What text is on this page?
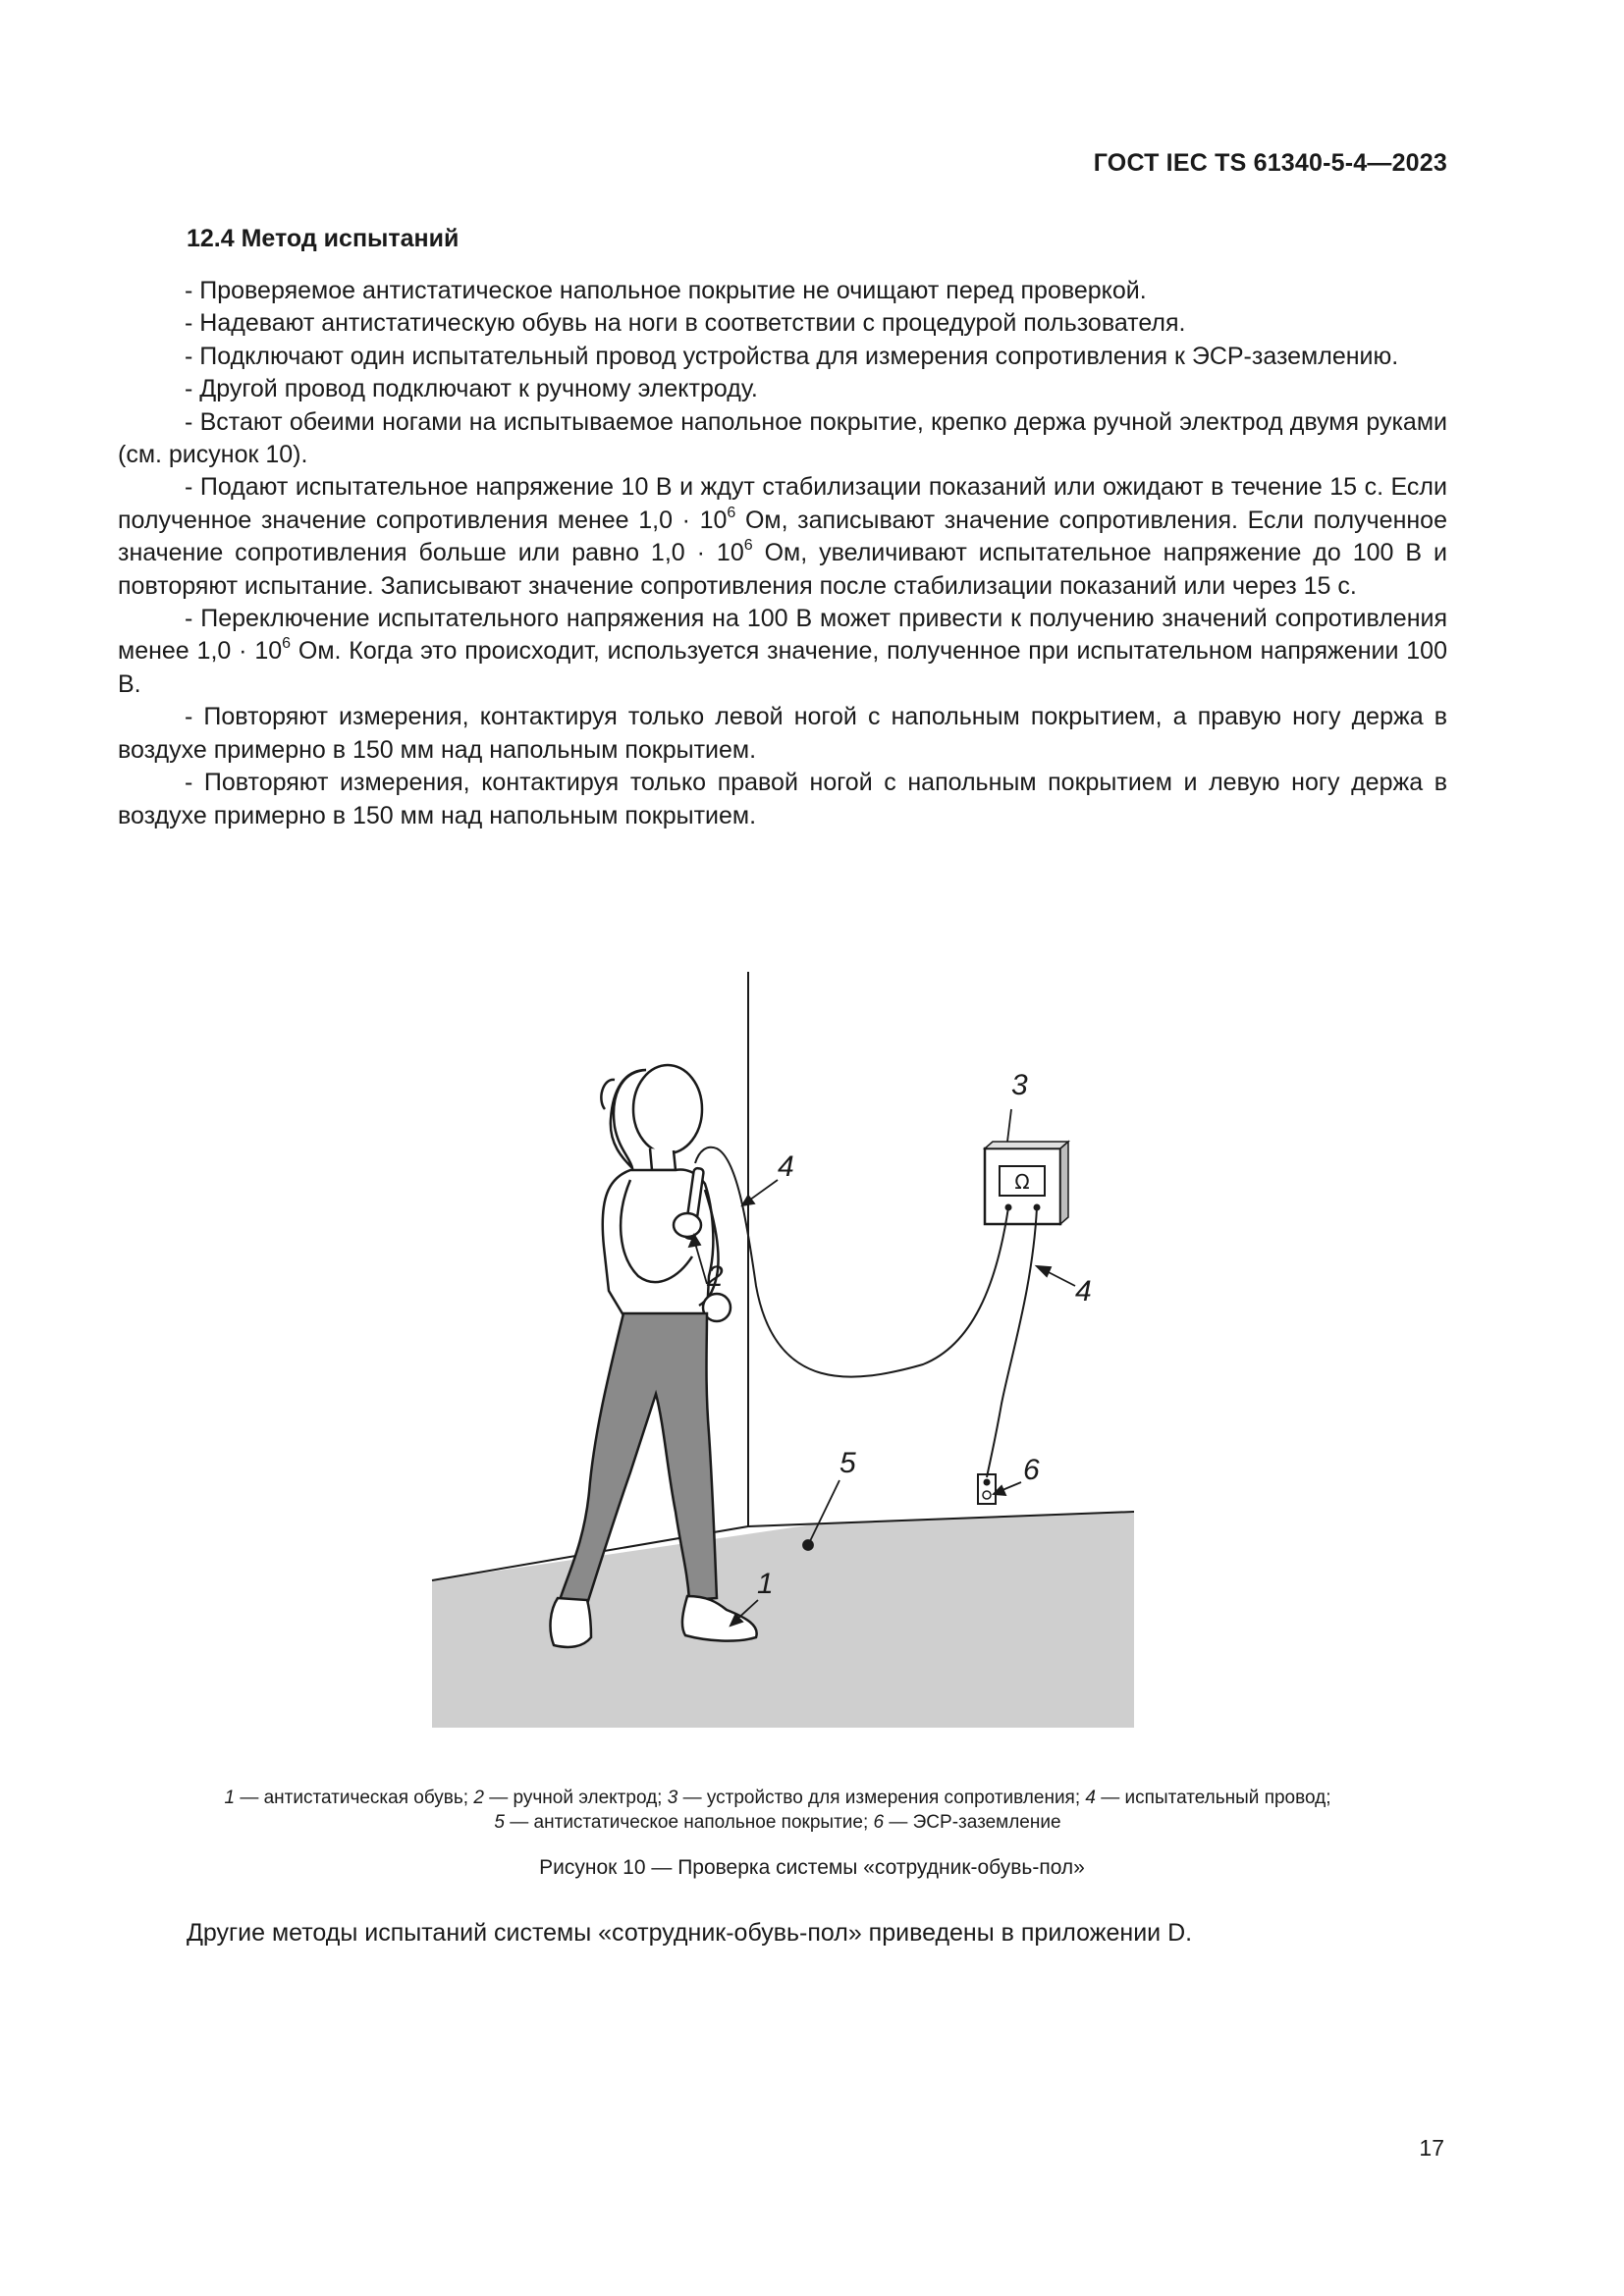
ГОСТ IEC TS 61340-5-4—2023
12.4 Метод испытаний

- Проверяемое антистатическое напольное покрытие не очищают перед проверкой.

- Надевают антистатическую обувь на ноги в соответствии с процедурой пользователя.

- Подключают один испытательный провод устройства для измерения сопротивления к ЭСР-заземлению.

- Другой провод подключают к ручному электроду.

- Встают обеими ногами на испытываемое напольное покрытие, крепко держа ручной электрод двумя руками (см. рисунок 10).

- Подают испытательное напряжение 10 В и ждут стабилизации показаний или ожидают в течение 15 с. Если полученное значение сопротивления менее $1,0 \cdot 10^6$ Ом, записывают значение сопротивления. Если полученное значение сопротивления больше или равно $1,0 \cdot 10^6$ Ом, увеличивают испытательное напряжение до 100 В и повторяют испытание. Записывают значение сопротивления после стабилизации показаний или через 15 с.

- Переключение испытательного напряжения на 100 В может привести к получению значений сопротивления менее $1,0 \cdot 10^6$ Ом. Когда это происходит, используется значение, полученное при испытательном напряжении 100 В.

- Повторяют измерения, контактируя только левой ногой с напольным покрытием, а правую ногу держа в воздухе примерно в 150 мм над напольным покрытием.

- Повторяют измерения, контактируя только правой ногой с напольным покрытием и левую ногу держа в воздухе примерно в 150 мм над напольным покрытием.

Ω
3
4
2	4
5	6
1
1 — антистатическая обувь; 2 — ручной электрод; 3 — устройство для измерения сопротивления; 4 — испытательный провод;
5 — антистатическое напольное покрытие; 6 — ЭСР-заземление
Рисунок 10 — Проверка системы «сотрудник-обувь-пол»
Другие методы испытаний системы «сотрудник-обувь-пол» приведены в приложении D.
17
